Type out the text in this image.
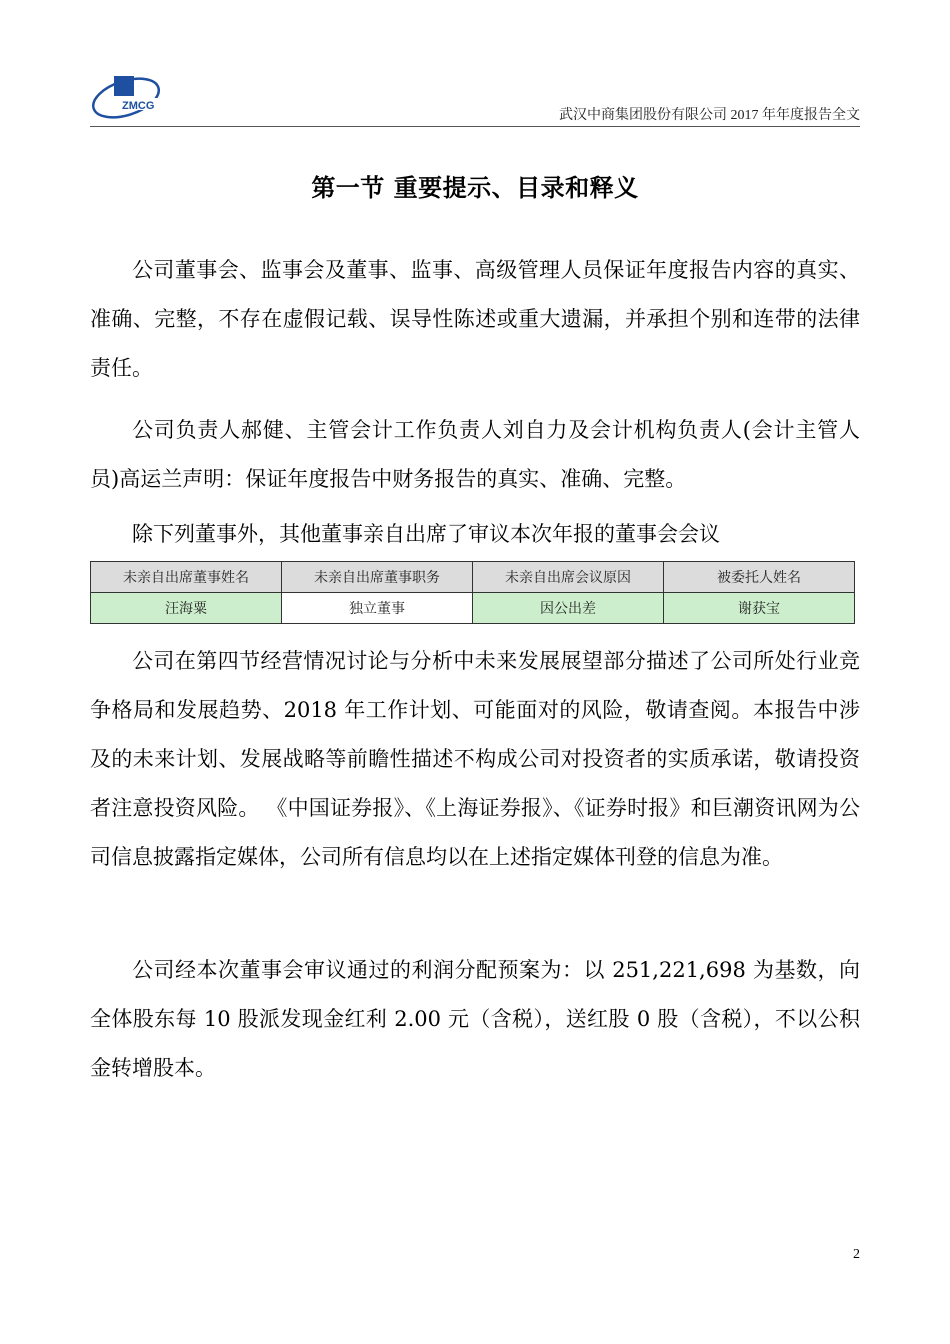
ZMCG
武汉中商集团股份有限公司 2017 年年度报告全文
第一节 重要提示、目录和释义

公司董事会、监事会及董事、监事、高级管理人员保证年度报告内容的真实、准确、完整，不存在虚假记载、误导性陈述或重大遗漏，并承担个别和连带的法律责任。

公司负责人郝健、主管会计工作负责人刘自力及会计机构负责人(会计主管人员)高运兰声明：保证年度报告中财务报告的真实、准确、完整。

除下列董事外，其他董事亲自出席了审议本次年报的董事会会议

未亲自出席董事姓名	未亲自出席董事职务	未亲自出席会议原因	被委托人姓名
汪海粟	独立董事	因公出差	谢获宝

公司在第四节经营情况讨论与分析中未来发展展望部分描述了公司所处行业竞争格局和发展趋势、2018 年工作计划、可能面对的风险，敬请查阅。本报告中涉及的未来计划、发展战略等前瞻性描述不构成公司对投资者的实质承诺，敬请投资者注意投资风险。 《中国证券报》、《上海证券报》、《证券时报》和巨潮资讯网为公司信息披露指定媒体，公司所有信息均以在上述指定媒体刊登的信息为准。

公司经本次董事会审议通过的利润分配预案为：以 251,221,698 为基数，向全体股东每 10 股派发现金红利 2.00 元（含税），送红股 0 股（含税），不以公积金转增股本。

2
